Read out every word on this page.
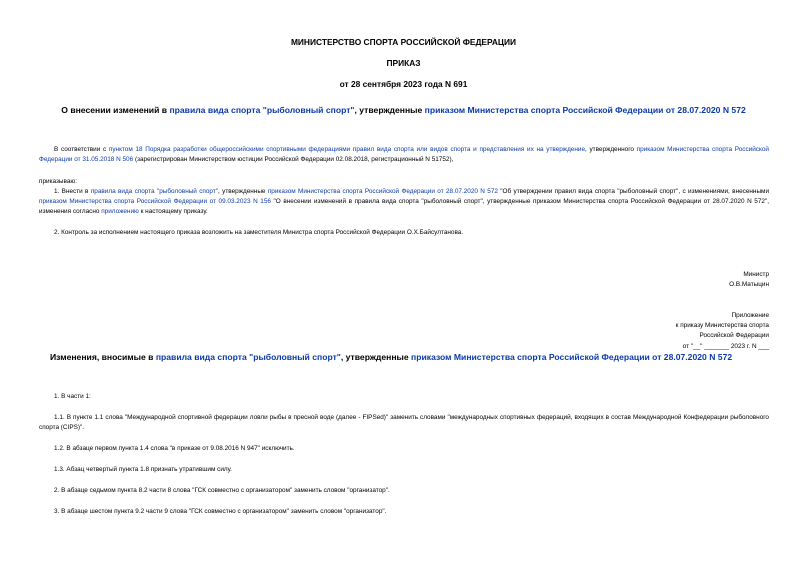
МИНИСТЕРСТВО СПОРТА РОССИЙСКОЙ ФЕДЕРАЦИИ
ПРИКАЗ
от 28 сентября 2023 года N 691
О внесении изменений в правила вида спорта "рыболовный спорт", утвержденные приказом Министерства спорта Российской Федерации от 28.07.2020 N 572
В соответствии с пунктом 18 Порядка разработки общероссийскими спортивными федерациями правил вида спорта или видов спорта и представления их на утверждение, утвержденного приказом Министерства спорта Российской Федерации от 31.05.2018 N 506 (зарегистрирован Министерством юстиции Российской Федерации 02.08.2018, регистрационный N 51752),
приказываю:
1. Внести в правила вида спорта "рыболовный спорт", утвержденные приказом Министерства спорта Российской Федерации от 28.07.2020 N 572 "Об утверждении правил вида спорта "рыболовный спорт", с изменениями, внесенными приказом Министерства спорта Российской Федерации от 09.03.2023 N 156 "О внесении изменений в правила вида спорта "рыболовный спорт", утвержденные приказом Министерства спорта Российской Федерации от 28.07.2020 N 572", изменения согласно приложению к настоящему приказу.
2. Контроль за исполнением настоящего приказа возложить на заместителя Министра спорта Российской Федерации О.Х.Байсултанова.
Министр
О.В.Матыцин
Приложение
к приказу Министерства спорта
Российской Федерации
от "__" _______ 2023 г. N ___
Изменения, вносимые в правила вида спорта "рыболовный спорт", утвержденные приказом Министерства спорта Российской Федерации от 28.07.2020 N 572
1. В части 1:
1.1. В пункте 1.1 слова "Международной спортивной федерации ловли рыбы в пресной воде (далее - FIPSed)" заменить словами "международных спортивных федераций, входящих в состав Международной Конфедерации рыболовного спорта (CIPS)".
1.2. В абзаце первом пункта 1.4 слова "в приказе от 9.08.2016 N 947" исключить.
1.3. Абзац четвертый пункта 1.8 признать утратившим силу.
2. В абзаце седьмом пункта 8.2 части 8 слова "ГСК совместно с организатором" заменить словом "организатор".
3. В абзаце шестом пункта 9.2 части 9 слова "ГСК совместно с организатором" заменить словом "организатор".
